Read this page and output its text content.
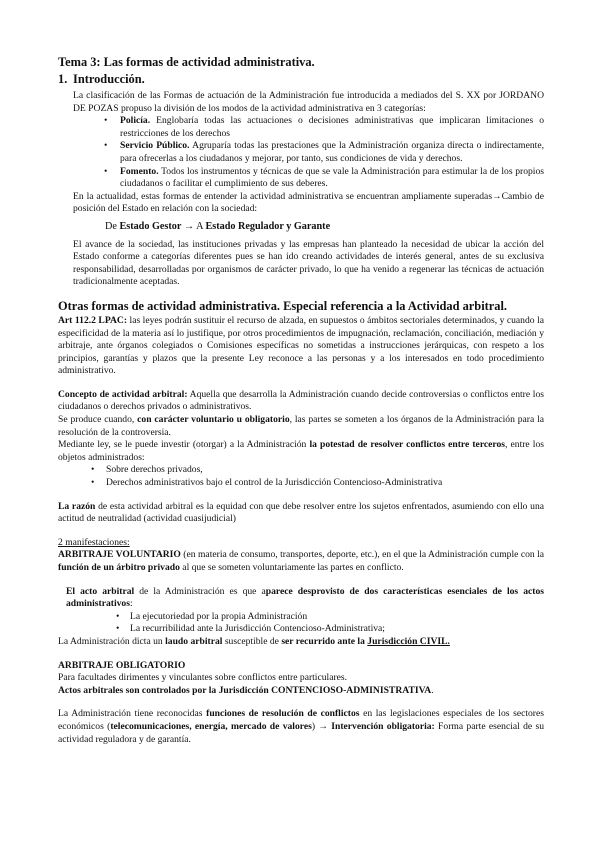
Tema 3: Las formas de actividad administrativa.
1. Introducción.

La clasificación de las Formas de actuación de la Administración fue introducida a mediados del S. XX por JORDANO DE POZAS propuso la división de los modos de la actividad administrativa en 3 categorías:

• Policía. Englobaría todas las actuaciones o decisiones administrativas que implicaran limitaciones o restricciones de los derechos
• Servicio Público. Agruparía todas las prestaciones que la Administración organiza directa o indirectamente, para ofrecerlas a los ciudadanos y mejorar, por tanto, sus condiciones de vida y derechos.
• Fomento. Todos los instrumentos y técnicas de que se vale la Administración para estimular la de los propios ciudadanos o facilitar el cumplimiento de sus deberes.

En la actualidad, estas formas de entender la actividad administrativa se encuentran ampliamente superadas→Cambio de posición del Estado en relación con la sociedad:

De Estado Gestor → A Estado Regulador y Garante

El avance de la sociedad, las instituciones privadas y las empresas han planteado la necesidad de ubicar la acción del Estado conforme a categorías diferentes pues se han ido creando actividades de interés general, antes de su exclusiva responsabilidad, desarrolladas por organismos de carácter privado, lo que ha venido a regenerar las técnicas de actuación tradicionalmente aceptadas.

Otras formas de actividad administrativa. Especial referencia a la Actividad arbitral.

Art 112.2 LPAC: las leyes podrán sustituir el recurso de alzada, en supuestos o ámbitos sectoriales determinados, y cuando la especificidad de la materia así lo justifique, por otros procedimientos de impugnación, reclamación, conciliación, mediación y arbitraje, ante órganos colegiados o Comisiones específicas no sometidas a instrucciones jerárquicas, con respeto a los principios, garantías y plazos que la presente Ley reconoce a las personas y a los interesados en todo procedimiento administrativo.

Concepto de actividad arbitral: Aquella que desarrolla la Administración cuando decide controversias o conflictos entre los ciudadanos o derechos privados o administrativos.

Se produce cuando, con carácter voluntario u obligatorio, las partes se someten a los órganos de la Administración para la resolución de la controversia.

Mediante ley, se le puede investir (otorgar) a la Administración la potestad de resolver conflictos entre terceros, entre los objetos administrados:

• Sobre derechos privados,
• Derechos administrativos bajo el control de la Jurisdicción Contencioso-Administrativa

La razón de esta actividad arbitral es la equidad con que debe resolver entre los sujetos enfrentados, asumiendo con ello una actitud de neutralidad (actividad cuasijudicial)

2 manifestaciones:

ARBITRAJE VOLUNTARIO (en materia de consumo, transportes, deporte, etc.), en el que la Administración cumple con la función de un árbitro privado al que se someten voluntariamente las partes en conflicto.

El acto arbitral de la Administración es que aparece desprovisto de dos características esenciales de los actos administrativos:

• La ejecutoriedad por la propia Administración
• La recurribilidad ante la Jurisdicción Contencioso-Administrativa;

La Administración dicta un laudo arbitral susceptible de ser recurrido ante la Jurisdicción CIVIL.

ARBITRAJE OBLIGATORIO

Para facultades dirimentes y vinculantes sobre conflictos entre particulares.

Actos arbitrales son controlados por la Jurisdicción CONTENCIOSO-ADMINISTRATIVA.

La Administración tiene reconocidas funciones de resolución de conflictos en las legislaciones especiales de los sectores económicos (telecomunicaciones, energía, mercado de valores) → Intervención obligatoria: Forma parte esencial de su actividad reguladora y de garantía.
